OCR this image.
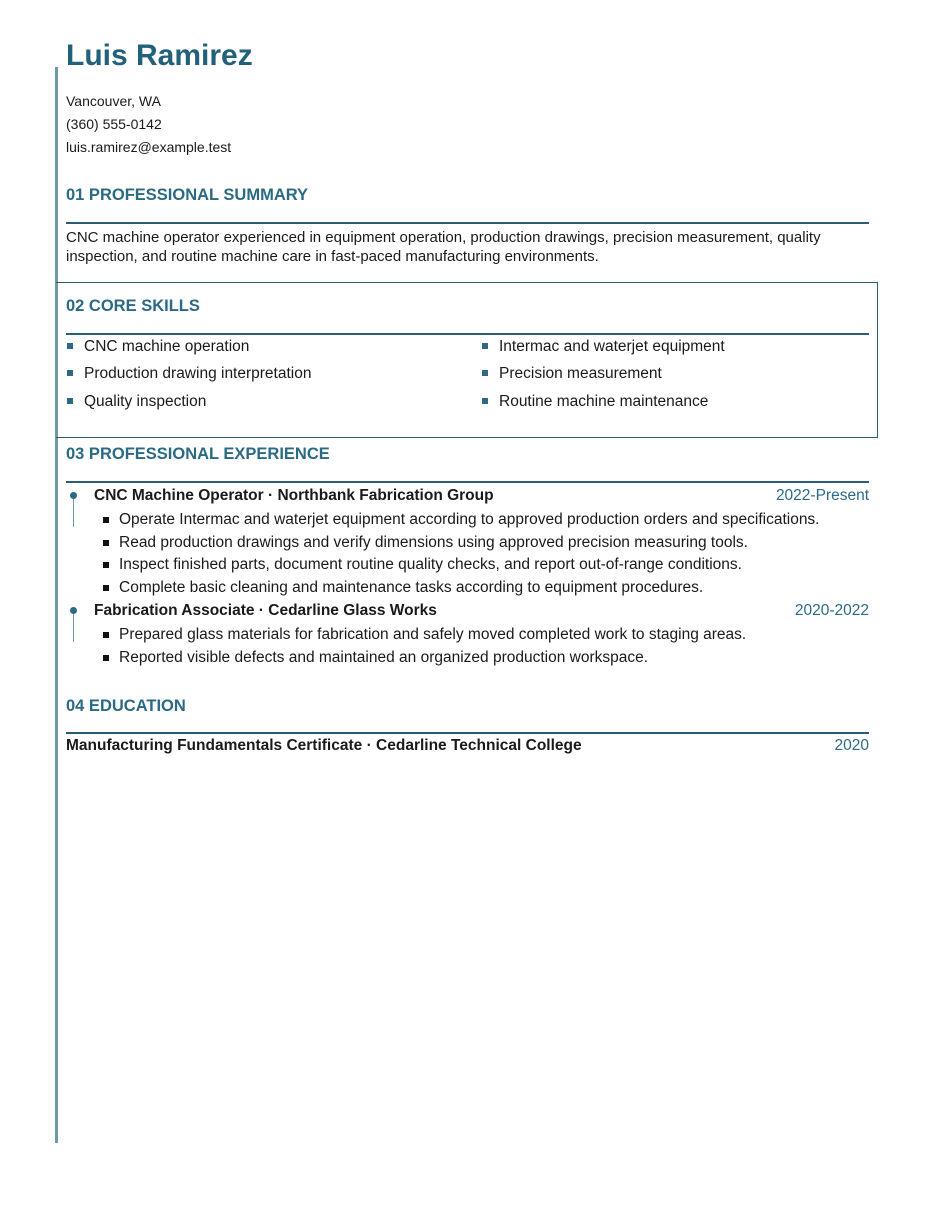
Luis Ramirez
Vancouver, WA
(360) 555-0142
luis.ramirez@example.test
01 PROFESSIONAL SUMMARY

CNC machine operator experienced in equipment operation, production drawings, precision measurement, quality inspection, and routine machine care in fast-paced manufacturing environments.

02 CORE SKILLS
CNC machine operation	Intermac and waterjet equipment
Production drawing interpretation	Precision measurement
Quality inspection	Routine machine maintenance
03 PROFESSIONAL EXPERIENCE
CNC Machine Operator · Northbank Fabrication Group	2022-Present
Operate Intermac and waterjet equipment according to approved production orders and specifications.
Read production drawings and verify dimensions using approved precision measuring tools.
Inspect finished parts, document routine quality checks, and report out-of-range conditions.
Complete basic cleaning and maintenance tasks according to equipment procedures.
Fabrication Associate · Cedarline Glass Works	2020-2022
Prepared glass materials for fabrication and safely moved completed work to staging areas.
Reported visible defects and maintained an organized production workspace.
04 EDUCATION
Manufacturing Fundamentals Certificate · Cedarline Technical College	2020
